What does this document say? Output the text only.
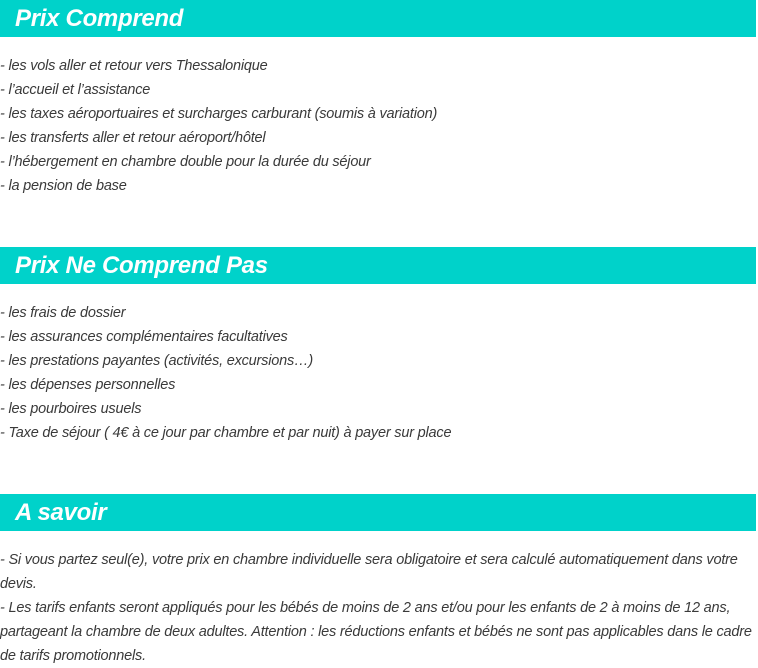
Prix Comprend
- les vols aller et retour vers Thessalonique
- l’accueil et l’assistance
- les taxes aéroportuaires et surcharges carburant (soumis à variation)
- les transferts aller et retour aéroport/hôtel
- l’hébergement en chambre double pour la durée du séjour
- la pension de base
Prix Ne Comprend Pas
- les frais de dossier
- les assurances complémentaires facultatives
- les prestations payantes (activités, excursions…)
- les dépenses personnelles
- les pourboires usuels
- Taxe de séjour ( 4€ à ce jour par chambre et par nuit) à payer sur place
A savoir
- Si vous partez seul(e), votre prix en chambre individuelle sera obligatoire et sera calculé automatiquement dans votre devis.
- Les tarifs enfants seront appliqués pour les bébés de moins de 2 ans et/ou pour les enfants de 2 à moins de 12 ans, partageant la chambre de deux adultes. Attention : les réductions enfants et bébés ne sont pas applicables dans le cadre de tarifs promotionnels.
